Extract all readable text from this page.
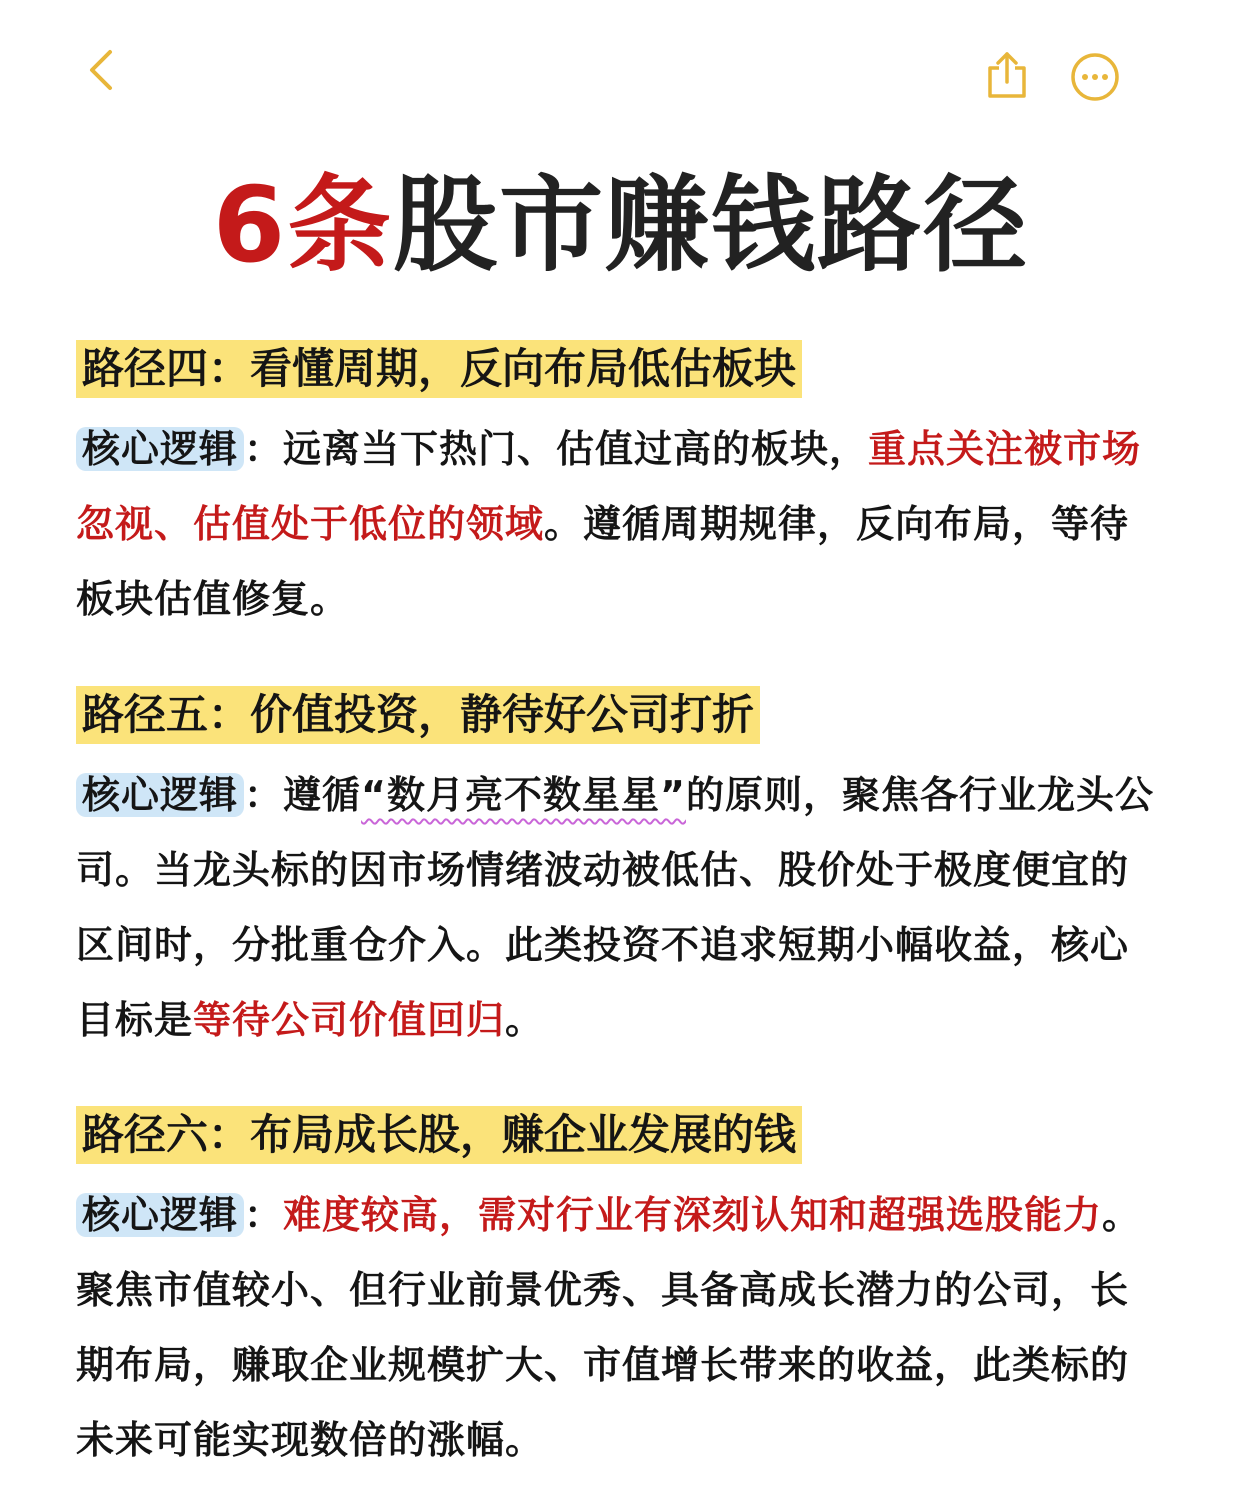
6条股市赚钱路径
路径四：看懂周期，反向布局低估板块
核心逻辑 ：远离当下热门、估值过高的板块，重点关注被市场忽视、估值处于低位的领域。遵循周期规律，反向布局，等待板块估值修复。
路径五：价值投资，静待好公司打折
核心逻辑 ：遵循“数月亮不数星星”的原则，聚焦各行业龙头公司。当龙头标的因市场情绪波动被低估、股价处于极度便宜的区间时，分批重仓介入。此类投资不追求短期小幅收益，核心目标是等待公司价值回归。
路径六：布局成长股，赚企业发展的钱
核心逻辑 ：难度较高，需对行业有深刻认知和超强选股能力。聚焦市值较小、但行业前景优秀、具备高成长潜力的公司，长期布局，赚取企业规模扩大、市值增长带来的收益，此类标的未来可能实现数倍的涨幅。
